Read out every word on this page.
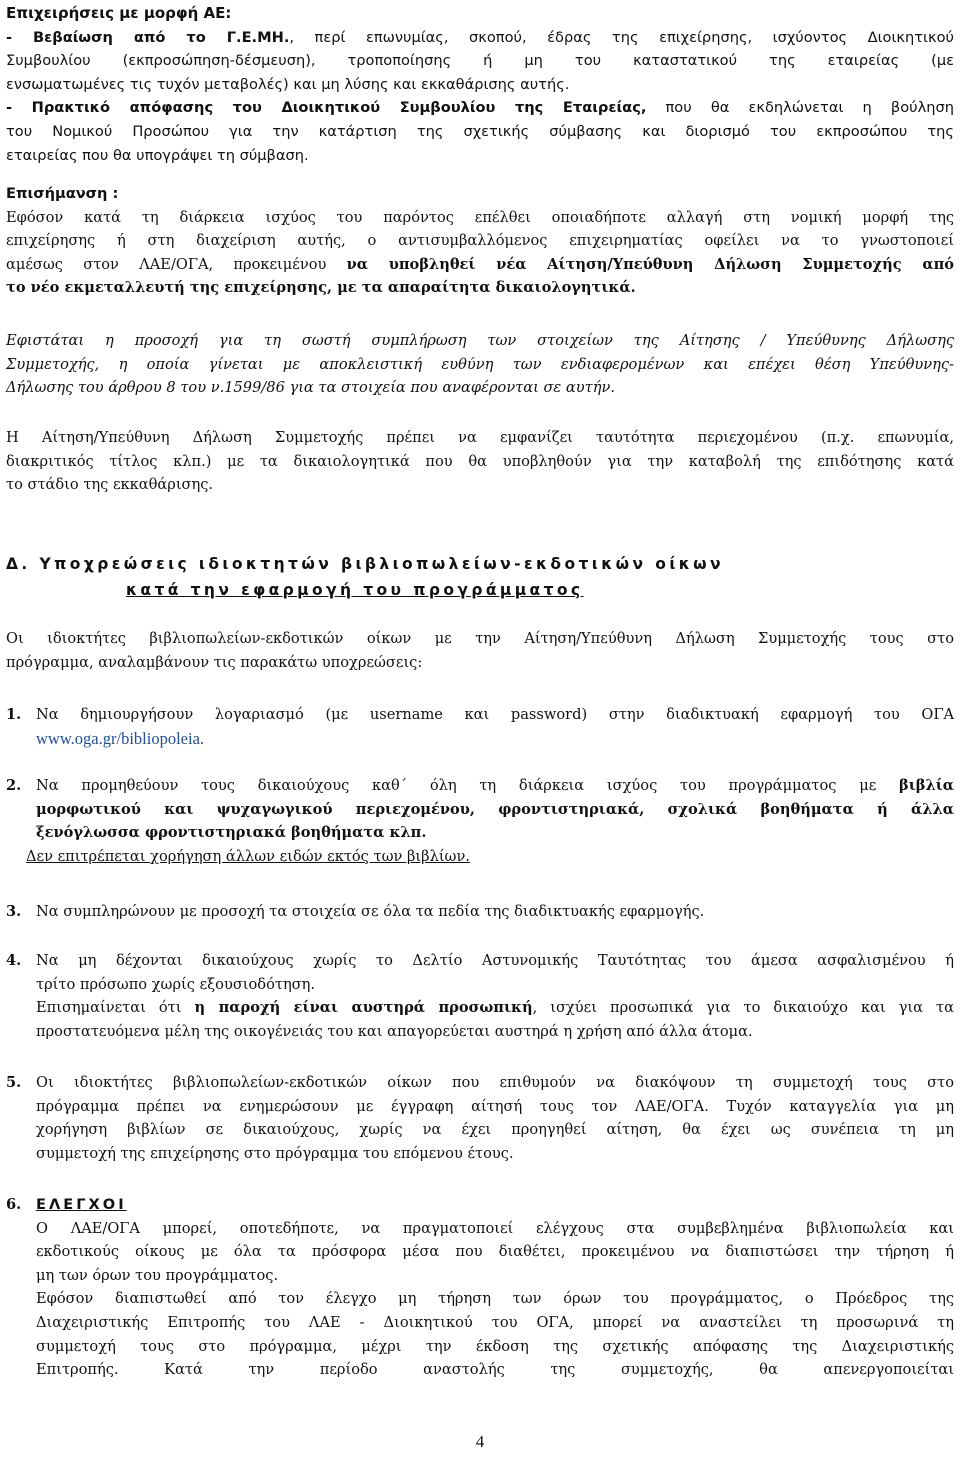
Επιχειρήσεις με μορφή ΑΕ:

- Βεβαίωση από το Γ.Ε.ΜΗ., περί επωνυμίας, σκοπού, έδρας της επιχείρησης, ισχύοντος Διοικητικού

Συμβουλίου (εκπροσώπηση-δέσμευση), τροποποίησης ή μη του καταστατικού της εταιρείας (με

ενσωματωμένες τις τυχόν μεταβολές) και μη λύσης και εκκαθάρισης αυτής.

- Πρακτικό απόφασης του Διοικητικού Συμβουλίου της Εταιρείας, που θα εκδηλώνεται η βούληση

του Νομικού Προσώπου για την κατάρτιση της σχετικής σύμβασης και διορισμό του εκπροσώπου της

εταιρείας που θα υπογράψει τη σύμβαση.

Επισήμανση :

Εφόσον κατά τη διάρκεια ισχύος του παρόντος επέλθει οποιαδήποτε αλλαγή στη νομική μορφή της

επιχείρησης ή στη διαχείριση αυτής, ο αντισυμβαλλόμενος επιχειρηματίας οφείλει να το γνωστοποιεί

αμέσως στον ΛΑΕ/ΟΓΑ, προκειμένου να υποβληθεί νέα Αίτηση/Υπεύθυνη Δήλωση Συμμετοχής από

το νέο εκμεταλλευτή της επιχείρησης, με τα απαραίτητα δικαιολογητικά.

Εφιστάται η προσοχή για τη σωστή συμπλήρωση των στοιχείων της Αίτησης / Υπεύθυνης Δήλωσης

Συμμετοχής, η οποία γίνεται με αποκλειστική ευθύνη των ενδιαφερομένων και επέχει θέση Υπεύθυνης-

Δήλωσης του άρθρου 8 του ν.1599/86 για τα στοιχεία που αναφέρονται σε αυτήν.

Η Αίτηση/Υπεύθυνη Δήλωση Συμμετοχής πρέπει να εμφανίζει ταυτότητα περιεχομένου (π.χ. επωνυμία,

διακριτικός τίτλος κλπ.) με τα δικαιολογητικά που θα υποβληθούν για την καταβολή της επιδότησης κατά

το στάδιο της εκκαθάρισης.

Δ. Υποχρεώσεις ιδιοκτητών βιβλιοπωλείων-εκδοτικών οίκων
κατά την εφαρμογή του προγράμματος

Οι ιδιοκτήτες βιβλιοπωλείων-εκδοτικών οίκων με την Αίτηση/Υπεύθυνη Δήλωση Συμμετοχής τους στο

πρόγραμμα, αναλαμβάνουν τις παρακάτω υποχρεώσεις:

1. Να δημιουργήσουν λογαριασμό (με username και password) στην διαδικτυακή εφαρμογή του ΟΓΑ

www.oga.gr/bibliopoleia.

2. Να προμηθεύουν τους δικαιούχους καθ΄ όλη τη διάρκεια ισχύος του προγράμματος με βιβλία

μορφωτικού και ψυχαγωγικού περιεχομένου, φροντιστηριακά, σχολικά βοηθήματα ή άλλα

ξενόγλωσσα φροντιστηριακά βοηθήματα κλπ.

Δεν επιτρέπεται χορήγηση άλλων ειδών εκτός των βιβλίων.

3. Να συμπληρώνουν με προσοχή τα στοιχεία σε όλα τα πεδία της διαδικτυακής εφαρμογής.

4. Να μη δέχονται δικαιούχους χωρίς το Δελτίο Αστυνομικής Ταυτότητας του άμεσα ασφαλισμένου ή

τρίτο πρόσωπο χωρίς εξουσιοδότηση.

Επισημαίνεται ότι η παροχή είναι αυστηρά προσωπική, ισχύει προσωπικά για το δικαιούχο και για τα

προστατευόμενα μέλη της οικογένειάς του και απαγορεύεται αυστηρά η χρήση από άλλα άτομα.

5. Οι ιδιοκτήτες βιβλιοπωλείων-εκδοτικών οίκων που επιθυμούν να διακόψουν τη συμμετοχή τους στο

πρόγραμμα πρέπει να ενημερώσουν με έγγραφη αίτησή τους τον ΛΑΕ/ΟΓΑ. Τυχόν καταγγελία για μη

χορήγηση βιβλίων σε δικαιούχους, χωρίς να έχει προηγηθεί αίτηση, θα έχει ως συνέπεια τη μη

συμμετοχή της επιχείρησης στο πρόγραμμα του επόμενου έτους.

6. ΕΛΕΓΧΟΙ

Ο ΛΑΕ/ΟΓΑ μπορεί, οποτεδήποτε, να πραγματοποιεί ελέγχους στα συμβεβλημένα βιβλιοπωλεία και

εκδοτικούς οίκους με όλα τα πρόσφορα μέσα που διαθέτει, προκειμένου να διαπιστώσει την τήρηση ή

μη των όρων του προγράμματος.

Εφόσον διαπιστωθεί από τον έλεγχο μη τήρηση των όρων του προγράμματος, ο Πρόεδρος της

Διαχειριστικής Επιτροπής του ΛΑΕ - Διοικητικού του ΟΓΑ, μπορεί να αναστείλει τη προσωρινά τη

συμμετοχή τους στο πρόγραμμα, μέχρι την έκδοση της σχετικής απόφασης της Διαχειριστικής

Επιτροπής. Κατά την περίοδο αναστολής της συμμετοχής, θα απενεργοποιείται

4
